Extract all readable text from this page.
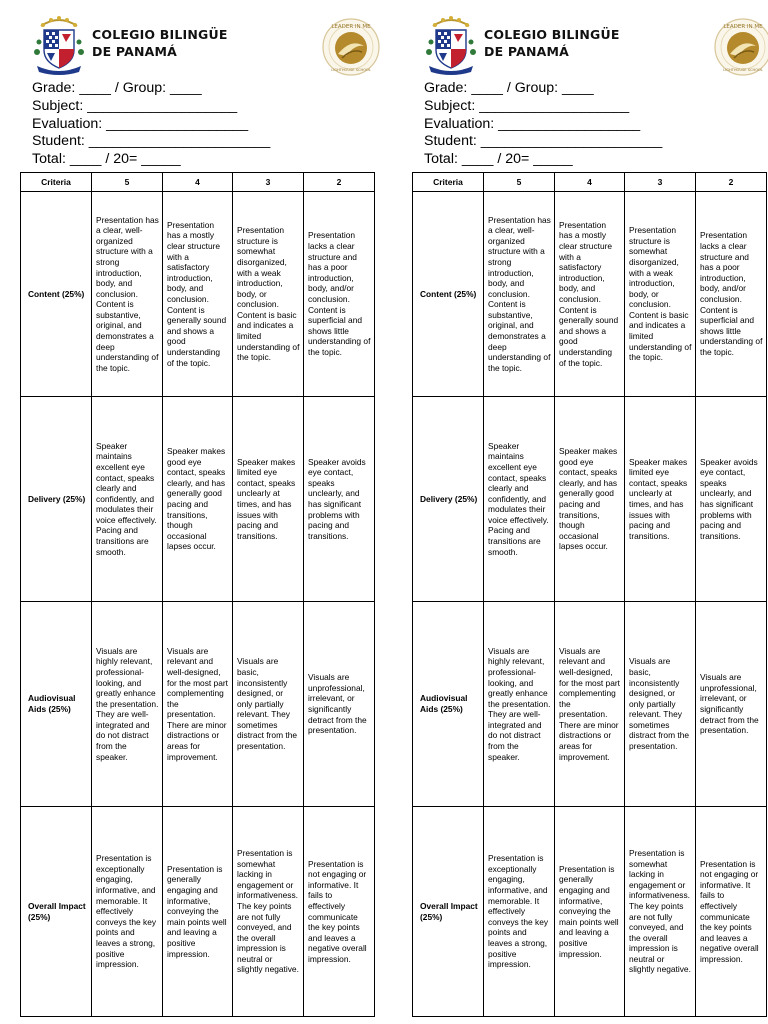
COLEGIO BILINGÜE
DE PANAMÁ
LEADER IN ME
LIGHTHOUSE SCHOOL
Grade: ____ / Group: ____
Subject: ___________________
Evaluation: __________________
Student: _______________________
Total: ____ / 20= _____
Criteria	5	4	3	2
Content (25%)	Presentation has a clear, well-organized structure with a strong introduction, body, and conclusion. Content is substantive, original, and demonstrates a deep understanding of the topic.	Presentation has a mostly clear structure with a satisfactory introduction, body, and conclusion. Content is generally sound and shows a good understanding of the topic.	Presentation structure is somewhat disorganized, with a weak introduction, body, or conclusion. Content is basic and indicates a limited understanding of the topic.	Presentation lacks a clear structure and has a poor introduction, body, and/or conclusion. Content is superficial and shows little understanding of the topic.
Delivery (25%)	Speaker maintains excellent eye contact, speaks clearly and confidently, and modulates their voice effectively. Pacing and transitions are smooth.	Speaker makes good eye contact, speaks clearly, and has generally good pacing and transitions, though occasional lapses occur.	Speaker makes limited eye contact, speaks unclearly at times, and has issues with pacing and transitions.	Speaker avoids eye contact, speaks unclearly, and has significant problems with pacing and transitions.
Audiovisual Aids (25%)	Visuals are highly relevant, professional-looking, and greatly enhance the presentation. They are well-integrated and do not distract from the speaker.	Visuals are relevant and well-designed, for the most part complementing the presentation. There are minor distractions or areas for improvement.	Visuals are basic, inconsistently designed, or only partially relevant. They sometimes distract from the presentation.	Visuals are unprofessional, irrelevant, or significantly detract from the presentation.
Overall Impact (25%)	Presentation is exceptionally engaging, informative, and memorable. It effectively conveys the key points and leaves a strong, positive impression.	Presentation is generally engaging and informative, conveying the main points well and leaving a positive impression.	Presentation is somewhat lacking in engagement or informativeness. The key points are not fully conveyed, and the overall impression is neutral or slightly negative.	Presentation is not engaging or informative. It fails to effectively communicate the key points and leaves a negative overall impression.
COLEGIO BILINGÜE
DE PANAMÁ
LEADER IN ME
LIGHTHOUSE SCHOOL
Grade: ____ / Group: ____
Subject: ___________________
Evaluation: __________________
Student: _______________________
Total: ____ / 20= _____
Criteria	5	4	3	2
Content (25%)	Presentation has a clear, well-organized structure with a strong introduction, body, and conclusion. Content is substantive, original, and demonstrates a deep understanding of the topic.	Presentation has a mostly clear structure with a satisfactory introduction, body, and conclusion. Content is generally sound and shows a good understanding of the topic.	Presentation structure is somewhat disorganized, with a weak introduction, body, or conclusion. Content is basic and indicates a limited understanding of the topic.	Presentation lacks a clear structure and has a poor introduction, body, and/or conclusion. Content is superficial and shows little understanding of the topic.
Delivery (25%)	Speaker maintains excellent eye contact, speaks clearly and confidently, and modulates their voice effectively. Pacing and transitions are smooth.	Speaker makes good eye contact, speaks clearly, and has generally good pacing and transitions, though occasional lapses occur.	Speaker makes limited eye contact, speaks unclearly at times, and has issues with pacing and transitions.	Speaker avoids eye contact, speaks unclearly, and has significant problems with pacing and transitions.
Audiovisual Aids (25%)	Visuals are highly relevant, professional-looking, and greatly enhance the presentation. They are well-integrated and do not distract from the speaker.	Visuals are relevant and well-designed, for the most part complementing the presentation. There are minor distractions or areas for improvement.	Visuals are basic, inconsistently designed, or only partially relevant. They sometimes distract from the presentation.	Visuals are unprofessional, irrelevant, or significantly detract from the presentation.
Overall Impact (25%)	Presentation is exceptionally engaging, informative, and memorable. It effectively conveys the key points and leaves a strong, positive impression.	Presentation is generally engaging and informative, conveying the main points well and leaving a positive impression.	Presentation is somewhat lacking in engagement or informativeness. The key points are not fully conveyed, and the overall impression is neutral or slightly negative.	Presentation is not engaging or informative. It fails to effectively communicate the key points and leaves a negative overall impression.
